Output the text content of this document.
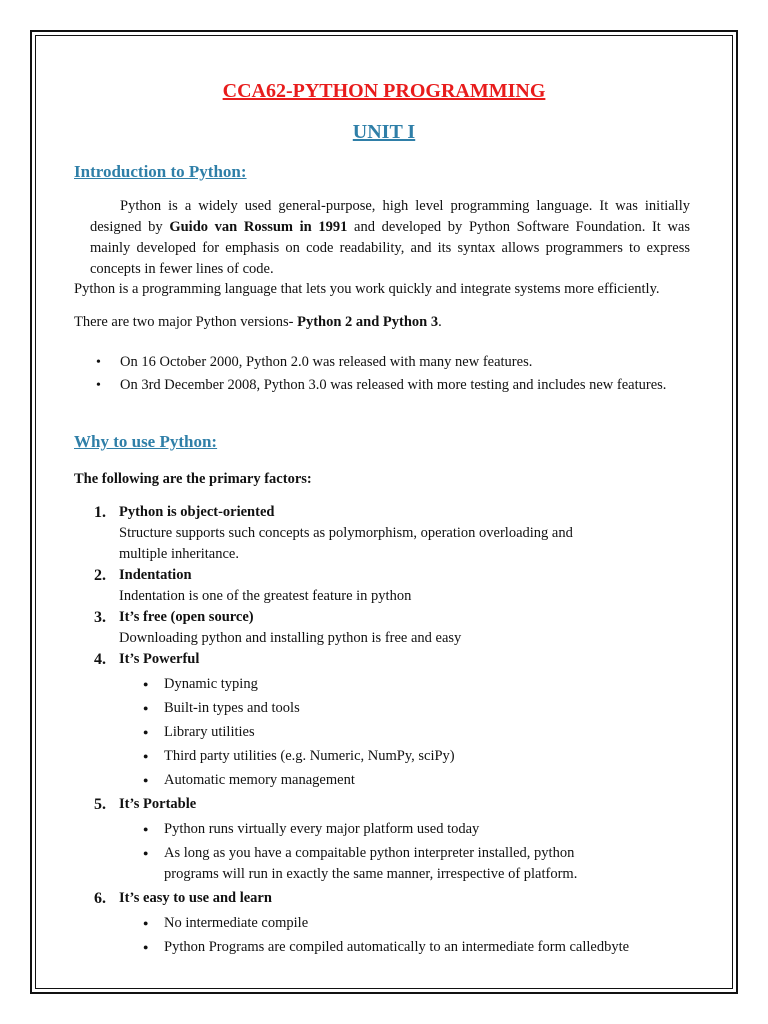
CCA62-PYTHON PROGRAMMING
UNIT I
Introduction to Python:

Python is a widely used general-purpose, high level programming language. It was initially designed by Guido van Rossum in 1991 and developed by Python Software Foundation. It was mainly developed for emphasis on code readability, and its syntax allows programmers to express concepts in fewer lines of code.

Python is a programming language that lets you work quickly and integrate systems more efficiently.

There are two major Python versions- Python 2 and Python 3.

• On 16 October 2000, Python 2.0 was released with many new features.
• On 3rd December 2008, Python 3.0 was released with more testing and includes new features.
Why to use Python:

The following are the primary factors:

1. Python is object-oriented
Structure supports such concepts as polymorphism, operation overloading and multiple inheritance.
2. Indentation
Indentation is one of the greatest feature in python
3. It’s free (open source)
Downloading python and installing python is free and easy
4. It’s Powerful
● Dynamic typing
● Built-in types and tools
● Library utilities
● Third party utilities (e.g. Numeric, NumPy, sciPy)
● Automatic memory management
5. It’s Portable
● Python runs virtually every major platform used today
● As long as you have a compaitable python interpreter installed, python programs will run in exactly the same manner, irrespective of platform.
6. It’s easy to use and learn
● No intermediate compile
● Python Programs are compiled automatically to an intermediate form calledbyte
